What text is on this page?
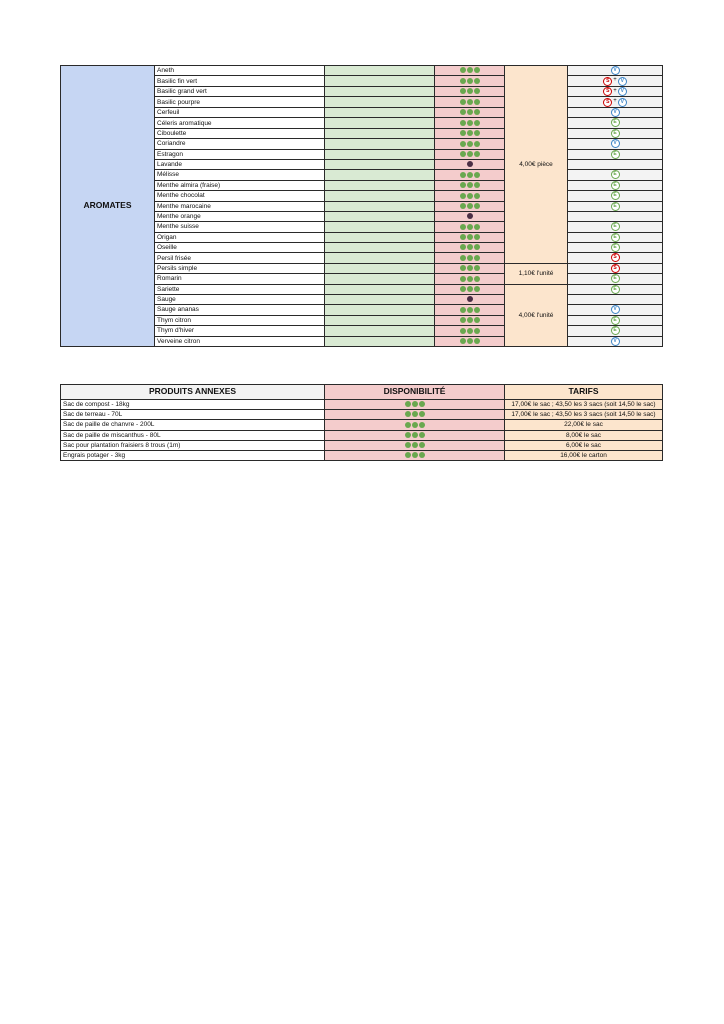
AROMATES	Aneth			4,00€ pièce	V
	Basilic fin vert				S + V
	Basilic grand vert				S + V
	Basilic pourpre				S + V
	Cerfeuil				V
	Céleris aromatique				E
	Ciboulette				E
	Coriandre				V
	Estragon				E
	Lavande				
	Mélisse				E
	Menthe almira (fraise)				E
	Menthe chocolat				E
	Menthe marocaine				E
	Menthe orange				
	Menthe suisse				E
	Origan				E
	Oseille				E
	Persil frisée				S
	Persils simple			1,10€ l'unité	S
	Romarin				E
	Sariette			4,00€ l'unité	E
	Sauge				
	Sauge ananas				V
	Thym citron				E
	Thym d'hiver				E
	Verveine citron				V
PRODUITS ANNEXES	DISPONIBILITÉ	TARIFS
Sac de compost - 18kg		17,00€ le sac ; 43,50 les 3 sacs (soit 14,50 le sac)
Sac de terreau - 70L		17,00€ le sac ; 43,50 les 3 sacs (soit 14,50 le sac)
Sac de paille de chanvre - 200L		22,00€ le sac
Sac de paille de miscanthus - 80L		8,00€ le sac
Sac pour plantation fraisiers 8 trous (1m)		6,00€ le sac
Engrais potager - 3kg		16,00€ le carton
